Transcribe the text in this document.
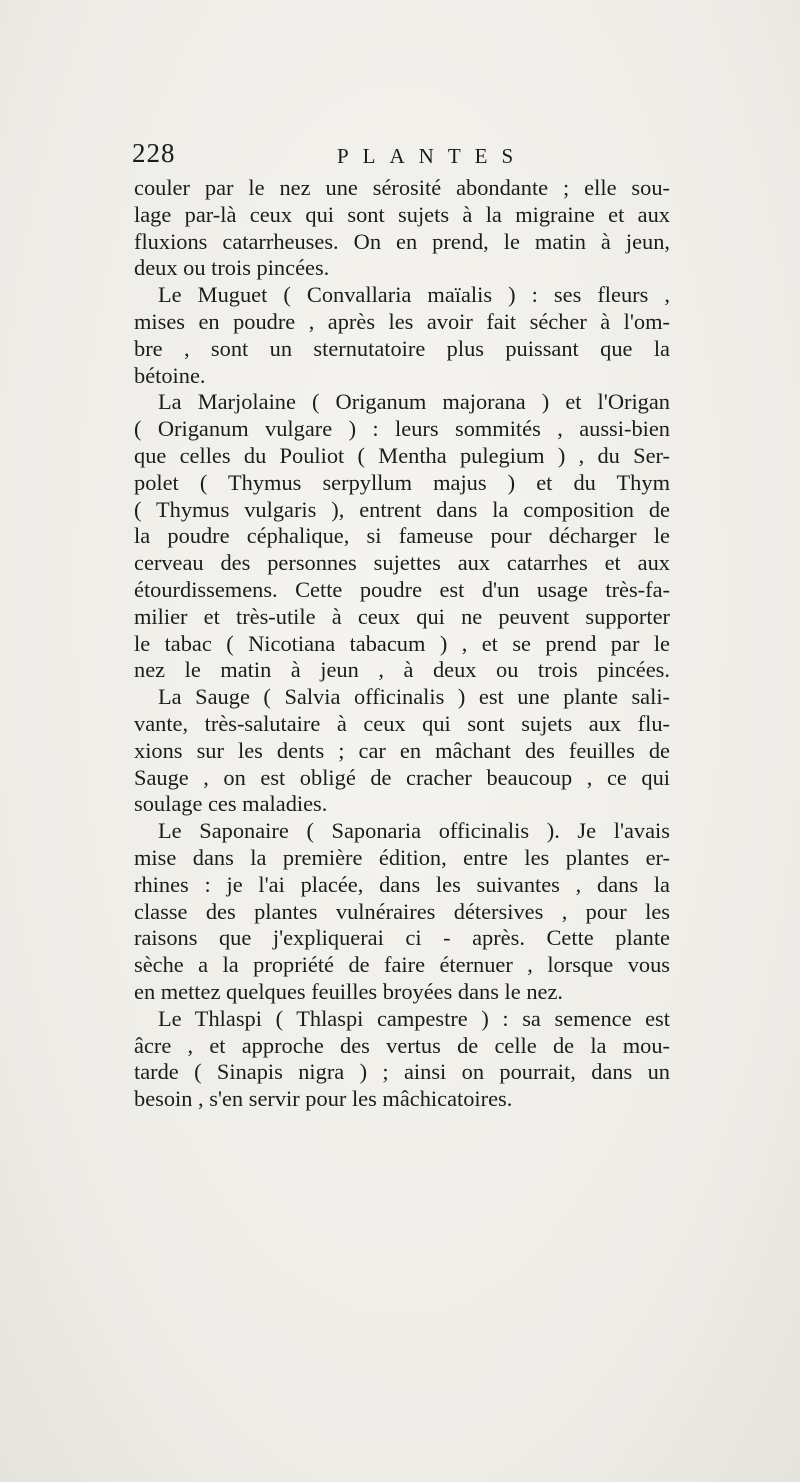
228	PLANTES
couler par le nez une sérosité abondante ; elle sou-
lage par-là ceux qui sont sujets à la migraine et aux
fluxions catarrheuses. On en prend, le matin à jeun,
deux ou trois pincées.
Le Muguet ( Convallaria maïalis ) : ses fleurs ,
mises en poudre , après les avoir fait sécher à l'om-
bre , sont un sternutatoire plus puissant que la
bétoine.
La Marjolaine ( Origanum majorana ) et l'Origan
( Origanum vulgare ) : leurs sommités , aussi-bien
que celles du Pouliot ( Mentha pulegium ) , du Ser-
polet ( Thymus serpyllum majus ) et du Thym
( Thymus vulgaris ), entrent dans la composition de
la poudre céphalique, si fameuse pour décharger le
cerveau des personnes sujettes aux catarrhes et aux
étourdissemens. Cette poudre est d'un usage très-fa-
milier et très-utile à ceux qui ne peuvent supporter
le tabac ( Nicotiana tabacum ) , et se prend par le
nez le matin à jeun , à deux ou trois pincées.
La Sauge ( Salvia officinalis ) est une plante sali-
vante, très-salutaire à ceux qui sont sujets aux flu-
xions sur les dents ; car en mâchant des feuilles de
Sauge , on est obligé de cracher beaucoup , ce qui
soulage ces maladies.
Le Saponaire ( Saponaria officinalis ). Je l'avais
mise dans la première édition, entre les plantes er-
rhines : je l'ai placée, dans les suivantes , dans la
classe des plantes vulnéraires détersives , pour les
raisons que j'expliquerai ci - après. Cette plante
sèche a la propriété de faire éternuer , lorsque vous
en mettez quelques feuilles broyées dans le nez.
Le Thlaspi ( Thlaspi campestre ) : sa semence est
âcre , et approche des vertus de celle de la mou-
tarde ( Sinapis nigra ) ; ainsi on pourrait, dans un
besoin , s'en servir pour les mâchicatoires.
